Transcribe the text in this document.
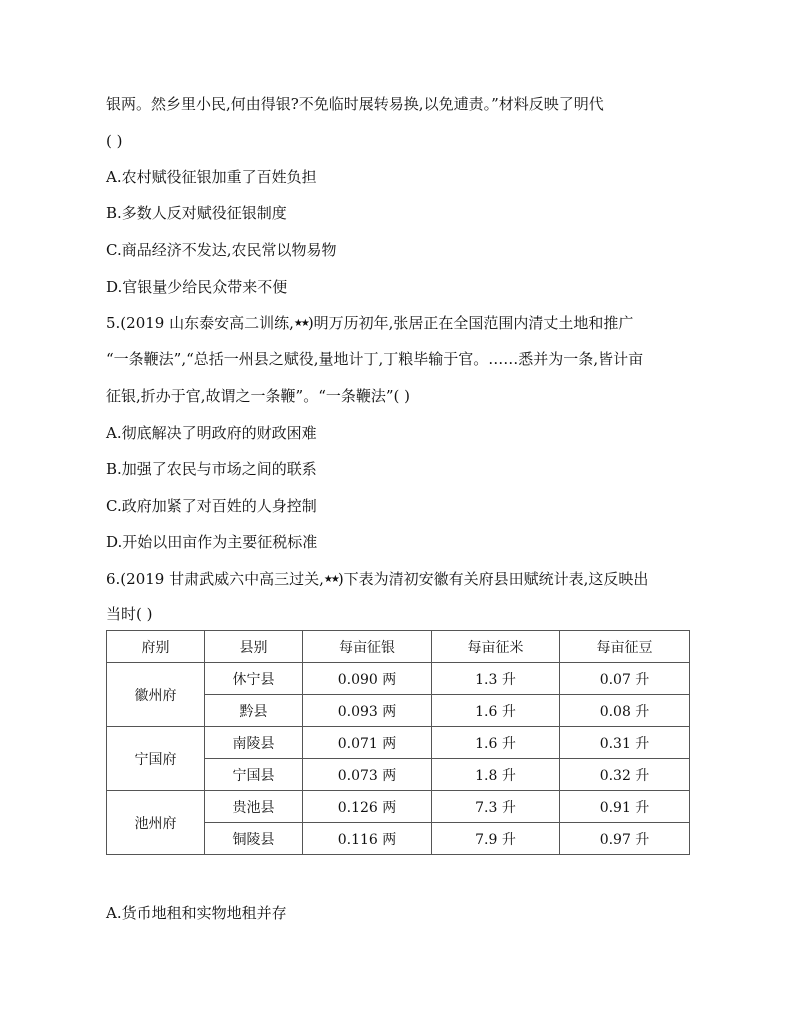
银两。然乡里小民,何由得银?不免临时展转易换,以免逋责。”材料反映了明代
( )
A.农村赋役征银加重了百姓负担
B.多数人反对赋役征银制度
C.商品经济不发达,农民常以物易物
D.官银量少给民众带来不便
5.(2019 山东泰安高二训练,★★)明万历初年,张居正在全国范围内清丈土地和推广
“一条鞭法”,“总括一州县之赋役,量地计丁,丁粮毕输于官。……悉并为一条,皆计亩
征银,折办于官,故谓之一条鞭”。“一条鞭法”( )
A.彻底解决了明政府的财政困难
B.加强了农民与市场之间的联系
C.政府加紧了对百姓的人身控制
D.开始以田亩作为主要征税标准
6.(2019 甘肃武威六中高三过关,★★)下表为清初安徽有关府县田赋统计表,这反映出
当时( )
府别	县别	每亩征银	每亩征米	每亩征豆
徽州府	休宁县	0.090 两	1.3 升	0.07 升
	黔县	0.093 两	1.6 升	0.08 升
宁国府	南陵县	0.071 两	1.6 升	0.31 升
	宁国县	0.073 两	1.8 升	0.32 升
池州府	贵池县	0.126 两	7.3 升	0.91 升
	铜陵县	0.116 两	7.9 升	0.97 升
A.货币地租和实物地租并存
